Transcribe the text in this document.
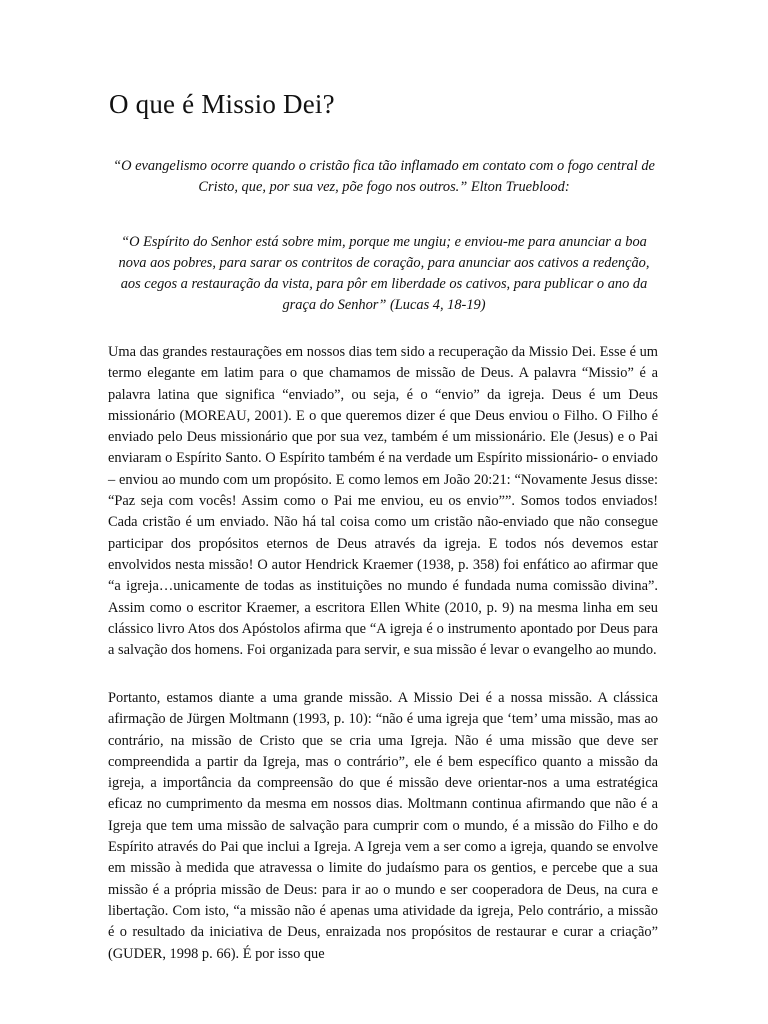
O que é Missio Dei?

“O evangelismo ocorre quando o cristão fica tão inflamado em contato com o fogo central de Cristo, que, por sua vez, põe fogo nos outros.” Elton Trueblood:

“O Espírito do Senhor está sobre mim, porque me ungiu; e enviou-me para anunciar a boa nova aos pobres, para sarar os contritos de coração, para anunciar aos cativos a redenção, aos cegos a restauração da vista, para pôr em liberdade os cativos, para publicar o ano da graça do Senhor” (Lucas 4, 18-19)

Uma das grandes restaurações em nossos dias tem sido a recuperação da Missio Dei. Esse é um termo elegante em latim para o que chamamos de missão de Deus. A palavra “Missio” é a palavra latina que significa “enviado”, ou seja, é o “envio” da igreja. Deus é um Deus missionário (MOREAU, 2001). E o que queremos dizer é que Deus enviou o Filho. O Filho é enviado pelo Deus missionário que por sua vez, também é um missionário. Ele (Jesus) e o Pai enviaram o Espírito Santo. O Espírito também é na verdade um Espírito missionário- o enviado – enviou ao mundo com um propósito. E como lemos em João 20:21: “Novamente Jesus disse: “Paz seja com vocês! Assim como o Pai me enviou, eu os envio””. Somos todos enviados! Cada cristão é um enviado. Não há tal coisa como um cristão não-enviado que não consegue participar dos propósitos eternos de Deus através da igreja. E todos nós devemos estar envolvidos nesta missão! O autor Hendrick Kraemer (1938, p. 358) foi enfático ao afirmar que “a igreja…unicamente de todas as instituições no mundo é fundada numa comissão divina”. Assim como o escritor Kraemer, a escritora Ellen White (2010, p. 9) na mesma linha em seu clássico livro Atos dos Apóstolos afirma que “A igreja é o instrumento apontado por Deus para a salvação dos homens. Foi organizada para servir, e sua missão é levar o evangelho ao mundo.

Portanto, estamos diante a uma grande missão. A Missio Dei é a nossa missão. A clássica afirmação de Jürgen Moltmann (1993, p. 10): “não é uma igreja que ‘tem’ uma missão, mas ao contrário, na missão de Cristo que se cria uma Igreja. Não é uma missão que deve ser compreendida a partir da Igreja, mas o contrário”, ele é bem específico quanto a missão da igreja, a importância da compreensão do que é missão deve orientar-nos a uma estratégica eficaz no cumprimento da mesma em nossos dias. Moltmann continua afirmando que não é a Igreja que tem uma missão de salvação para cumprir com o mundo, é a missão do Filho e do Espírito através do Pai que inclui a Igreja. A Igreja vem a ser como a igreja, quando se envolve em missão à medida que atravessa o limite do judaísmo para os gentios, e percebe que a sua missão é a própria missão de Deus: para ir ao o mundo e ser cooperadora de Deus, na cura e libertação. Com isto, “a missão não é apenas uma atividade da igreja, Pelo contrário, a missão é o resultado da iniciativa de Deus, enraizada nos propósitos de restaurar e curar a criação” (GUDER, 1998 p. 66). É por isso que
